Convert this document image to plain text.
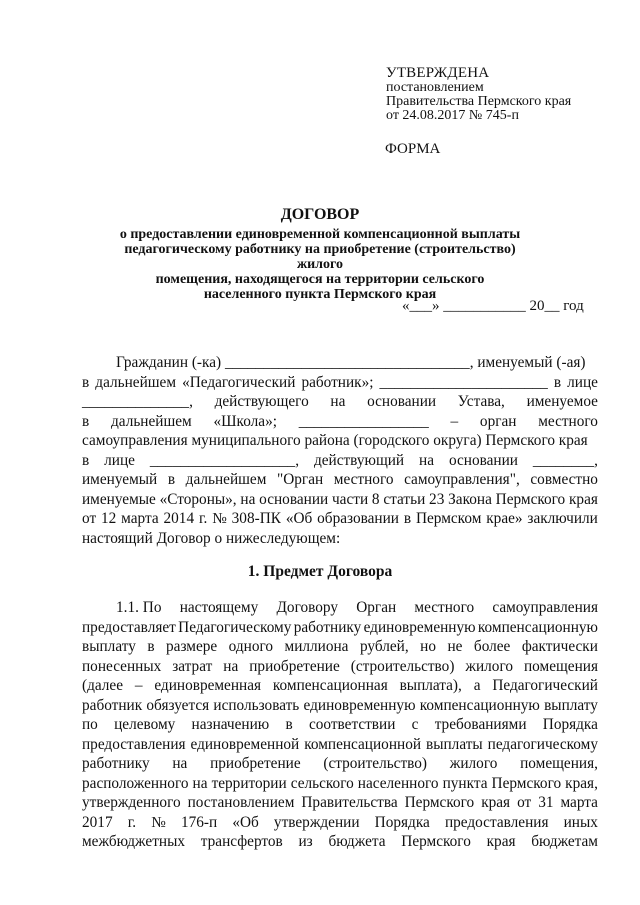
УТВЕРЖДЕНА
постановлением
Правительства Пермского края
от 24.08.2017 № 745-п
ФОРМА
ДОГОВОР
о предоставлении единовременной компенсационной выплаты
педагогическому работнику на приобретение (строительство) жилого
помещения, находящегося на территории сельского
населенного пункта Пермского края
«___» ___________ 20__ год
Гражданин (-ка) ________________________________, именуемый (-ая)
в дальнейшем «Педагогический работник»; ______________________ в лице
______________, действующего на основании Устава, именуемое
в дальнейшем «Школа»; _________________ – орган местного
самоуправления муниципального района (городского округа) Пермского края
в лице ___________________, действующий на основании ________,
именуемый в дальнейшем "Орган местного самоуправления", совместно
именуемые «Стороны», на основании части 8 статьи 23 Закона Пермского края
от 12 марта 2014 г. № 308-ПК «Об образовании в Пермском крае» заключили
настоящий Договор о нижеследующем:
1. Предмет Договора
1.1. По настоящему Договору Орган местного самоуправления
предоставляет Педагогическому работнику единовременную компенсационную
выплату в размере одного миллиона рублей, но не более фактически
понесенных затрат на приобретение (строительство) жилого помещения
(далее – единовременная компенсационная выплата), а Педагогический
работник обязуется использовать единовременную компенсационную выплату
по целевому назначению в соответствии с требованиями Порядка
предоставления единовременной компенсационной выплаты педагогическому
работнику на приобретение (строительство) жилого помещения,
расположенного на территории сельского населенного пункта Пермского края,
утвержденного постановлением Правительства Пермского края от 31 марта
2017 г. № 176-п «Об утверждении Порядка предоставления иных
межбюджетных трансфертов из бюджета Пермского края бюджетам
